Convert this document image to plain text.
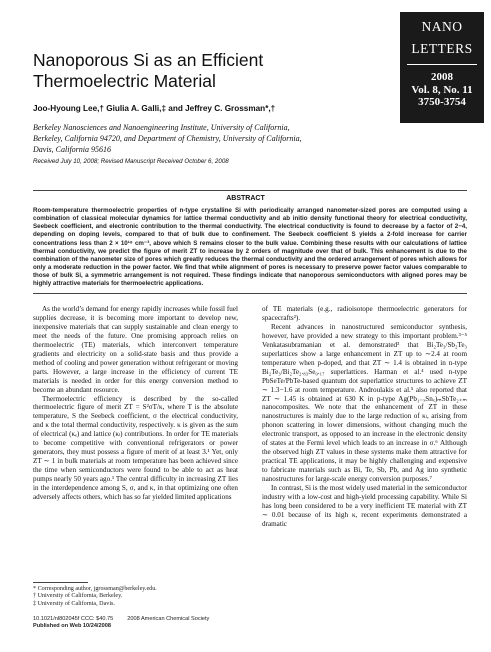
NANO
LETTERS
2008
Vol. 8, No. 11
3750-3754
Nanoporous Si as an Efficient
Thermoelectric Material
Joo-Hyoung Lee,† Giulia A. Galli,‡ and Jeffrey C. Grossman*,†
Berkeley Nanosciences and Nanoengineering Institute, University of California,
Berkeley, California 94720, and Department of Chemistry, University of California,
Davis, California 95616
Received July 10, 2008; Revised Manuscript Received October 6, 2008
ABSTRACT
Room-temperature thermoelectric properties of n-type crystalline Si with periodically arranged nanometer-sized pores are computed using a combination of classical molecular dynamics for lattice thermal conductivity and ab initio density functional theory for electrical conductivity, Seebeck coefficient, and electronic contribution to the thermal conductivity. The electrical conductivity is found to decrease by a factor of 2−4, depending on doping levels, compared to that of bulk due to confinement. The Seebeck coefficient S yields a 2-fold increase for carrier concentrations less than 2 × 10¹⁹ cm⁻³, above which S remains closer to the bulk value. Combining these results with our calculations of lattice thermal conductivity, we predict the figure of merit ZT to increase by 2 orders of magnitude over that of bulk. This enhancement is due to the combination of the nanometer size of pores which greatly reduces the thermal conductivity and the ordered arrangement of pores which allows for only a moderate reduction in the power factor. We find that while alignment of pores is necessary to preserve power factor values comparable to those of bulk Si, a symmetric arrangement is not required. These findings indicate that nanoporous semiconductors with aligned pores may be highly attractive materials for thermoelectric applications.

As the world’s demand for energy rapidly increases while fossil fuel supplies decrease, it is becoming more important to develop new, inexpensive materials that can supply sustainable and clean energy to meet the needs of the future. One promising approach relies on thermoelectric (TE) materials, which interconvert temperature gradients and electricity on a solid-state basis and thus provide a method of cooling and power generation without refrigerant or moving parts. However, a large increase in the efficiency of current TE materials is needed in order for this energy conversion method to become an abundant resource.

Thermoelectric efficiency is described by the so-called thermoelectric figure of merit ZT = S²σT/κ, where T is the absolute temperature, S the Seebeck coefficient, σ the electrical conductivity, and κ the total thermal conductivity, respectively. κ is given as the sum of electrical (κₑ) and lattice (κₗ) contributions. In order for TE materials to become competitive with conventional refrigerators or power generators, they must possess a figure of merit of at least 3.¹ Yet, only ZT ∼ 1 in bulk materials at room temperature has been achieved since the time when semiconductors were found to be able to act as heat pumps nearly 50 years ago.¹ The central difficulty in increasing ZT lies in the interdependence among S, σ, and κ, in that optimizing one often adversely affects others, which has so far yielded limited applications

of TE materials (e.g., radioisotope thermoelectric generators for spacecrafts²).

Recent advances in nanostructured semiconductor synthesis, however, have provided a new strategy to this important problem.³⁻⁵ Venkatasubramanian et al. demonstrated³ that Bi₂Te₃/Sb₂Te₃ superlattices show a large enhancement in ZT up to ∼2.4 at room temperature when p-doped, and that ZT ∼ 1.4 is obtained in n-type Bi₂Te₃/Bi₂Te₂.₈₃Se₀.₁₇ superlattices. Harman et al.⁴ used n-type PbSeTe/PbTe-based quantum dot superlattice structures to achieve ZT ∼ 1.3−1.6 at room temperature. Androulakis et al.⁵ also reported that ZT ∼ 1.45 is obtained at 630 K in p-type Ag(Pb₁₋ₓSnₓ)ₘSbTe₂₊ₘ nanocomposites. We note that the enhancement of ZT in these nanostructures is mainly due to the large reduction of κₗ, arising from phonon scattering in lower dimensions, without changing much the electronic transport, as opposed to an increase in the electronic density of states at the Fermi level which leads to an increase in σ.⁶ Although the observed high ZT values in these systems make them attractive for practical TE applications, it may be highly challenging and expensive to fabricate materials such as Bi, Te, Sb, Pb, and Ag into synthetic nanostructures for large-scale energy conversion purposes.⁷

In contrast, Si is the most widely used material in the semiconductor industry with a low-cost and high-yield processing capability. While Si has long been considered to be a very inefficient TE material with ZT ∼ 0.01 because of its high κ, recent experiments demonstrated a dramatic

* Corresponding author, jgrossman@berkeley.edu.
† University of California, Berkeley.
‡ University of California, Davis.
10.1021/nl802045f CCC: $40.75	2008 American Chemical Society
Published on Web 10/24/2008
